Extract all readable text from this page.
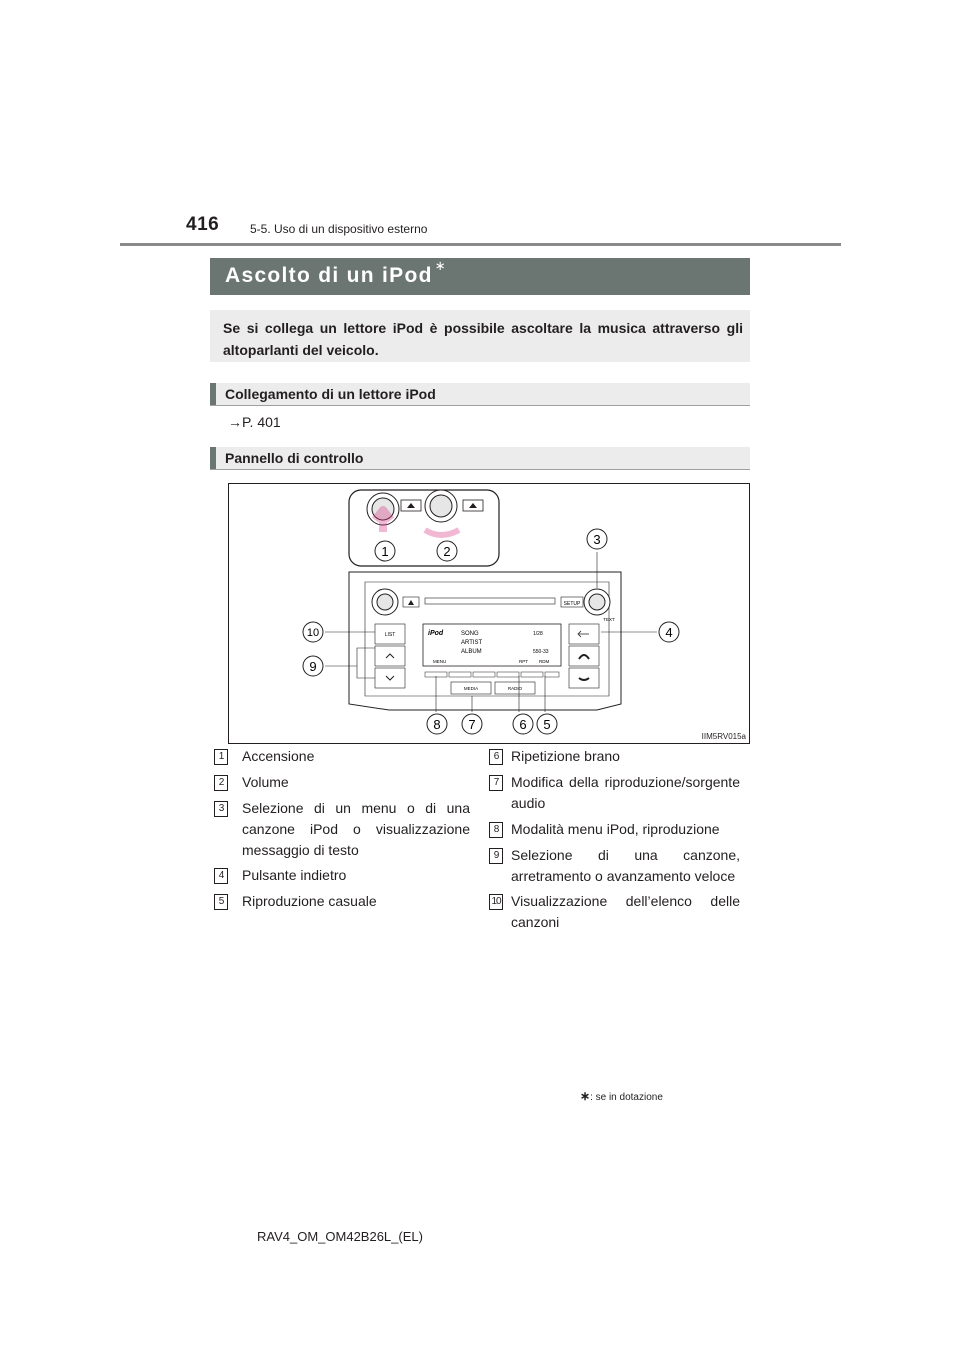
416	5-5. Uso di un dispositivo esterno
Ascolto di un iPod ∗
Se si collega un lettore iPod è possibile ascoltare la musica attraverso gli altoparlanti del veicolo.
Collegamento di un lettore iPod
→P. 401
Pannello di controllo
SETUP
TEXT
LIST	iPod	SONG
ARTIST
ALBUM
1/28
550-33
MENU	RPT RDM
MEDIA	RADIO
1	2
3
4
5
6
7
8
9
10
IIM5RV015a
1	Accensione
2	Volume
3	Selezione di un menu o di una canzone iPod o visualizzazione messaggio di testo
4	Pulsante indietro
5	Riproduzione casuale
6 Ripetizione brano
7 Modifica della riproduzione/sorgente audio
8 Modalità menu iPod, riproduzione
9 Selezione di una canzone, arretramento o avanzamento veloce
10 Visualizzazione dell’elenco delle canzoni
∗: se in dotazione
RAV4_OM_OM42B26L_(EL)
